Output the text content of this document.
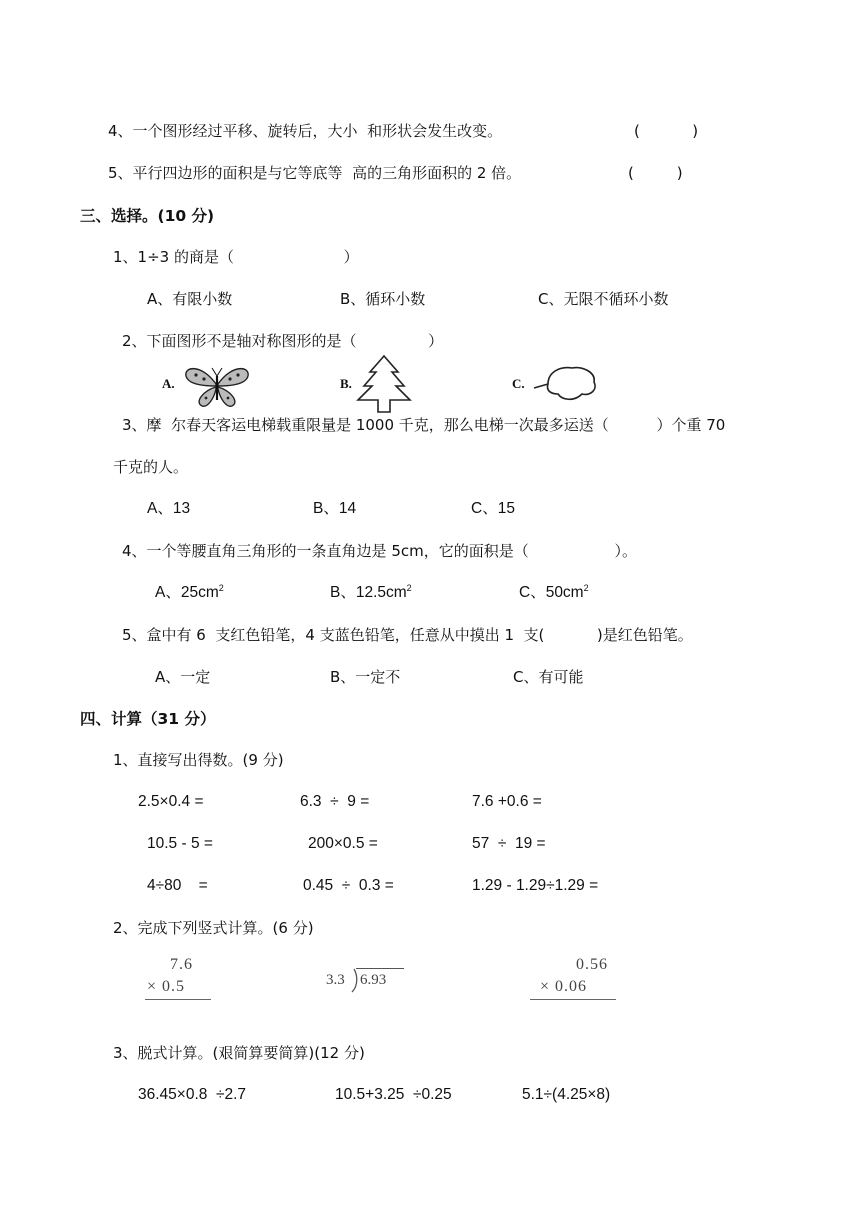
4、一个图形经过平移、旋转后，大小  和形状会发生改变。	(           )
5、平行四边形的面积是与它等底等  高的三角形面积的 2 倍。	(         )
三、选择。(10 分)
1、1÷3 的商是（                       ）
A、有限小数	B、循环小数	C、无限不循环小数
2、下面图形不是轴对称图形的是（               ）
A.	B.	C.
3、摩  尔春天客运电梯载重限量是 1000 千克，那么电梯一次最多运送（          ）个重 70
千克的人。
A、13	B、14	C、15
4、一个等腰直角三角形的一条直角边是 5cm，它的面积是（                  ）。
A、$25cm^2$	B、$12.5cm^2$	C、$50cm^2$
5、盒中有 6  支红色铅笔，4 支蓝色铅笔，任意从中摸出 1  支(           )是红色铅笔。
A、一定	B、一定不	C、有可能
四、计算（31 分）
1、直接写出得数。(9 分)
2.5×0.4 =	6.3  ÷  9 =	7.6 +0.6 =
10.5 - 5 =	200×0.5 =	57  ÷  19 =
4÷80    =	0.45  ÷  0.3 =	1.29 - 1.29÷1.29 =
2、完成下列竖式计算。(6 分)
7.6
× 0.5	3.3 6.93
0.56
× 0.06
3、脱式计算。(艰简算要简算)(12 分)
36.45×0.8  ÷2.7	10.5+3.25  ÷0.25	5.1÷(4.25×8)
